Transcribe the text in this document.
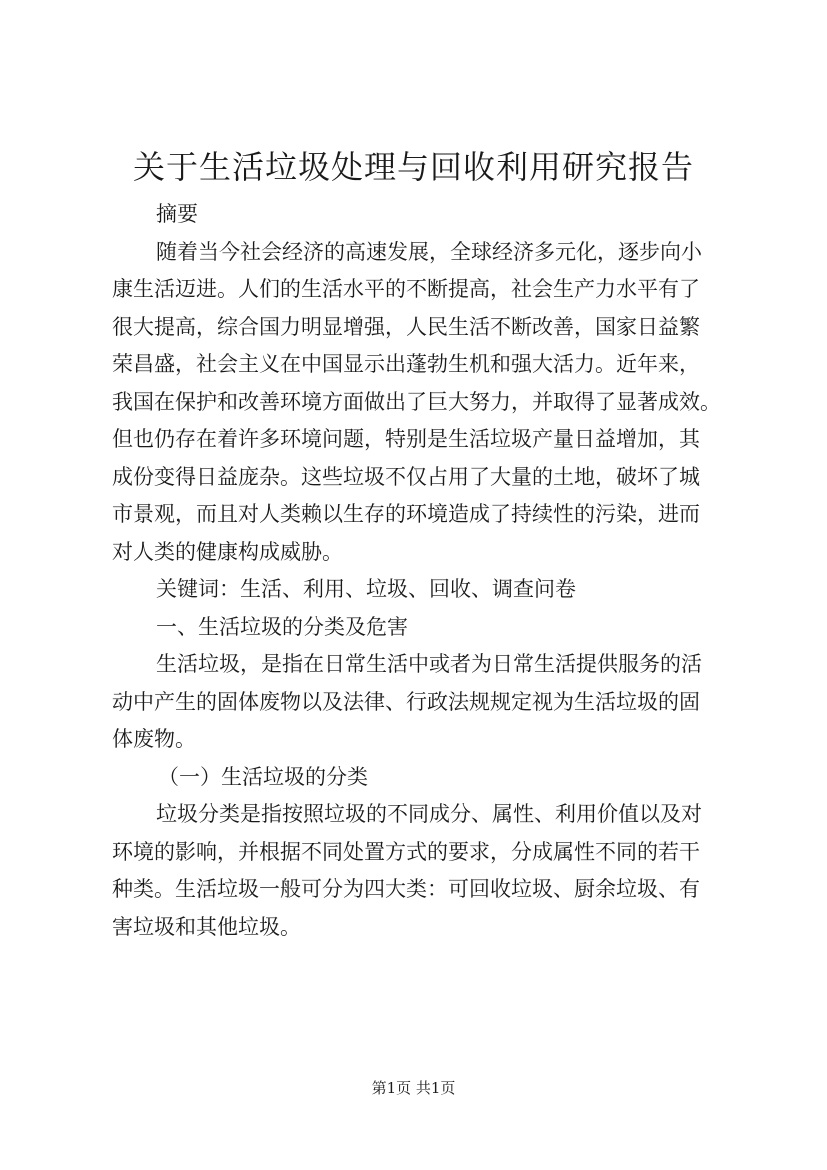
关于生活垃圾处理与回收利用研究报告
摘要
随着当今社会经济的高速发展，全球经济多元化，逐步向小
康生活迈进。人们的生活水平的不断提高，社会生产力水平有了
很大提高，综合国力明显增强，人民生活不断改善，国家日益繁
荣昌盛，社会主义在中国显示出蓬勃生机和强大活力。近年来，
我国在保护和改善环境方面做出了巨大努力，并取得了显著成效。
但也仍存在着许多环境问题，特别是生活垃圾产量日益增加，其
成份变得日益庞杂。这些垃圾不仅占用了大量的土地，破坏了城
市景观，而且对人类赖以生存的环境造成了持续性的污染，进而
对人类的健康构成威胁。
关键词：生活、利用、垃圾、回收、调查问卷
一、生活垃圾的分类及危害
生活垃圾，是指在日常生活中或者为日常生活提供服务的活
动中产生的固体废物以及法律、行政法规规定视为生活垃圾的固
体废物。
（一）生活垃圾的分类
垃圾分类是指按照垃圾的不同成分、属性、利用价值以及对
环境的影响，并根据不同处置方式的要求，分成属性不同的若干
种类。生活垃圾一般可分为四大类：可回收垃圾、厨余垃圾、有
害垃圾和其他垃圾。
第1页 共1页
